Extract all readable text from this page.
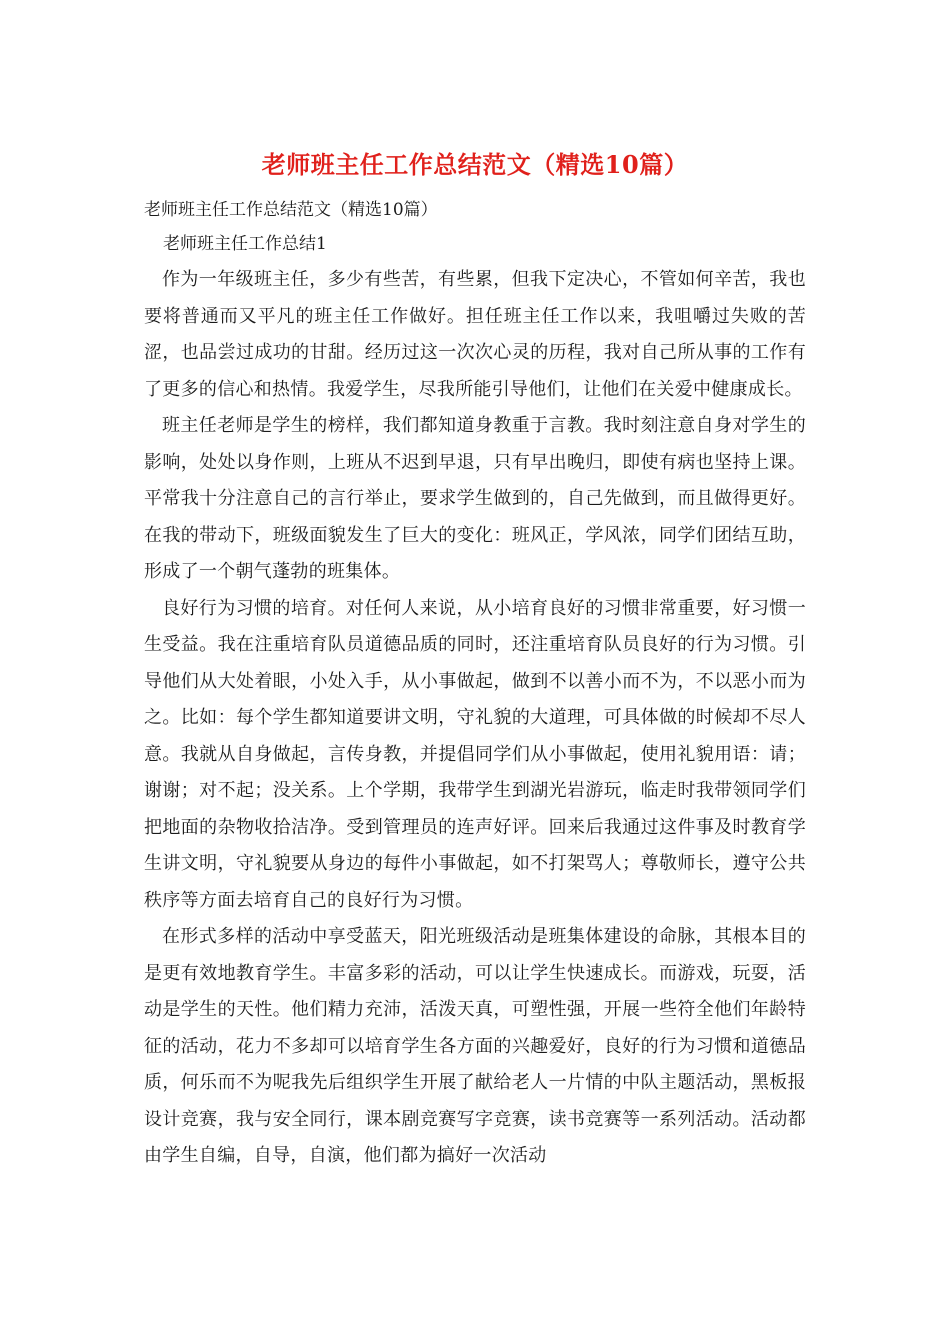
老师班主任工作总结范文（精选10篇）
老师班主任工作总结范文（精选10篇）
老师班主任工作总结1

作为一年级班主任，多少有些苦，有些累，但我下定决心，不管如何辛苦，我也要将普通而又平凡的班主任工作做好。担任班主任工作以来，我咀嚼过失败的苦涩，也品尝过成功的甘甜。经历过这一次次心灵的历程，我对自己所从事的工作有了更多的信心和热情。我爱学生，尽我所能引导他们，让他们在关爱中健康成长。

班主任老师是学生的榜样，我们都知道身教重于言教。我时刻注意自身对学生的影响，处处以身作则，上班从不迟到早退，只有早出晚归，即使有病也坚持上课。平常我十分注意自己的言行举止，要求学生做到的，自己先做到，而且做得更好。在我的带动下，班级面貌发生了巨大的变化：班风正，学风浓，同学们团结互助，形成了一个朝气蓬勃的班集体。

良好行为习惯的培育。对任何人来说，从小培育良好的习惯非常重要，好习惯一生受益。我在注重培育队员道德品质的同时，还注重培育队员良好的行为习惯。引导他们从大处着眼，小处入手，从小事做起，做到不以善小而不为，不以恶小而为之。比如：每个学生都知道要讲文明，守礼貌的大道理，可具体做的时候却不尽人意。我就从自身做起，言传身教，并提倡同学们从小事做起，使用礼貌用语：请；谢谢；对不起；没关系。上个学期，我带学生到湖光岩游玩，临走时我带领同学们把地面的杂物收拾洁净。受到管理员的连声好评。回来后我通过这件事及时教育学生讲文明，守礼貌要从身边的每件小事做起，如不打架骂人；尊敬师长，遵守公共秩序等方面去培育自己的良好行为习惯。

在形式多样的活动中享受蓝天，阳光班级活动是班集体建设的命脉，其根本目的是更有效地教育学生。丰富多彩的活动，可以让学生快速成长。而游戏，玩耍，活动是学生的天性。他们精力充沛，活泼天真，可塑性强，开展一些符全他们年龄特征的活动，花力不多却可以培育学生各方面的兴趣爱好，良好的行为习惯和道德品质，何乐而不为呢我先后组织学生开展了献给老人一片情的中队主题活动，黑板报设计竞赛，我与安全同行，课本剧竞赛写字竞赛，读书竞赛等一系列活动。活动都由学生自编，自导，自演，他们都为搞好一次活动
